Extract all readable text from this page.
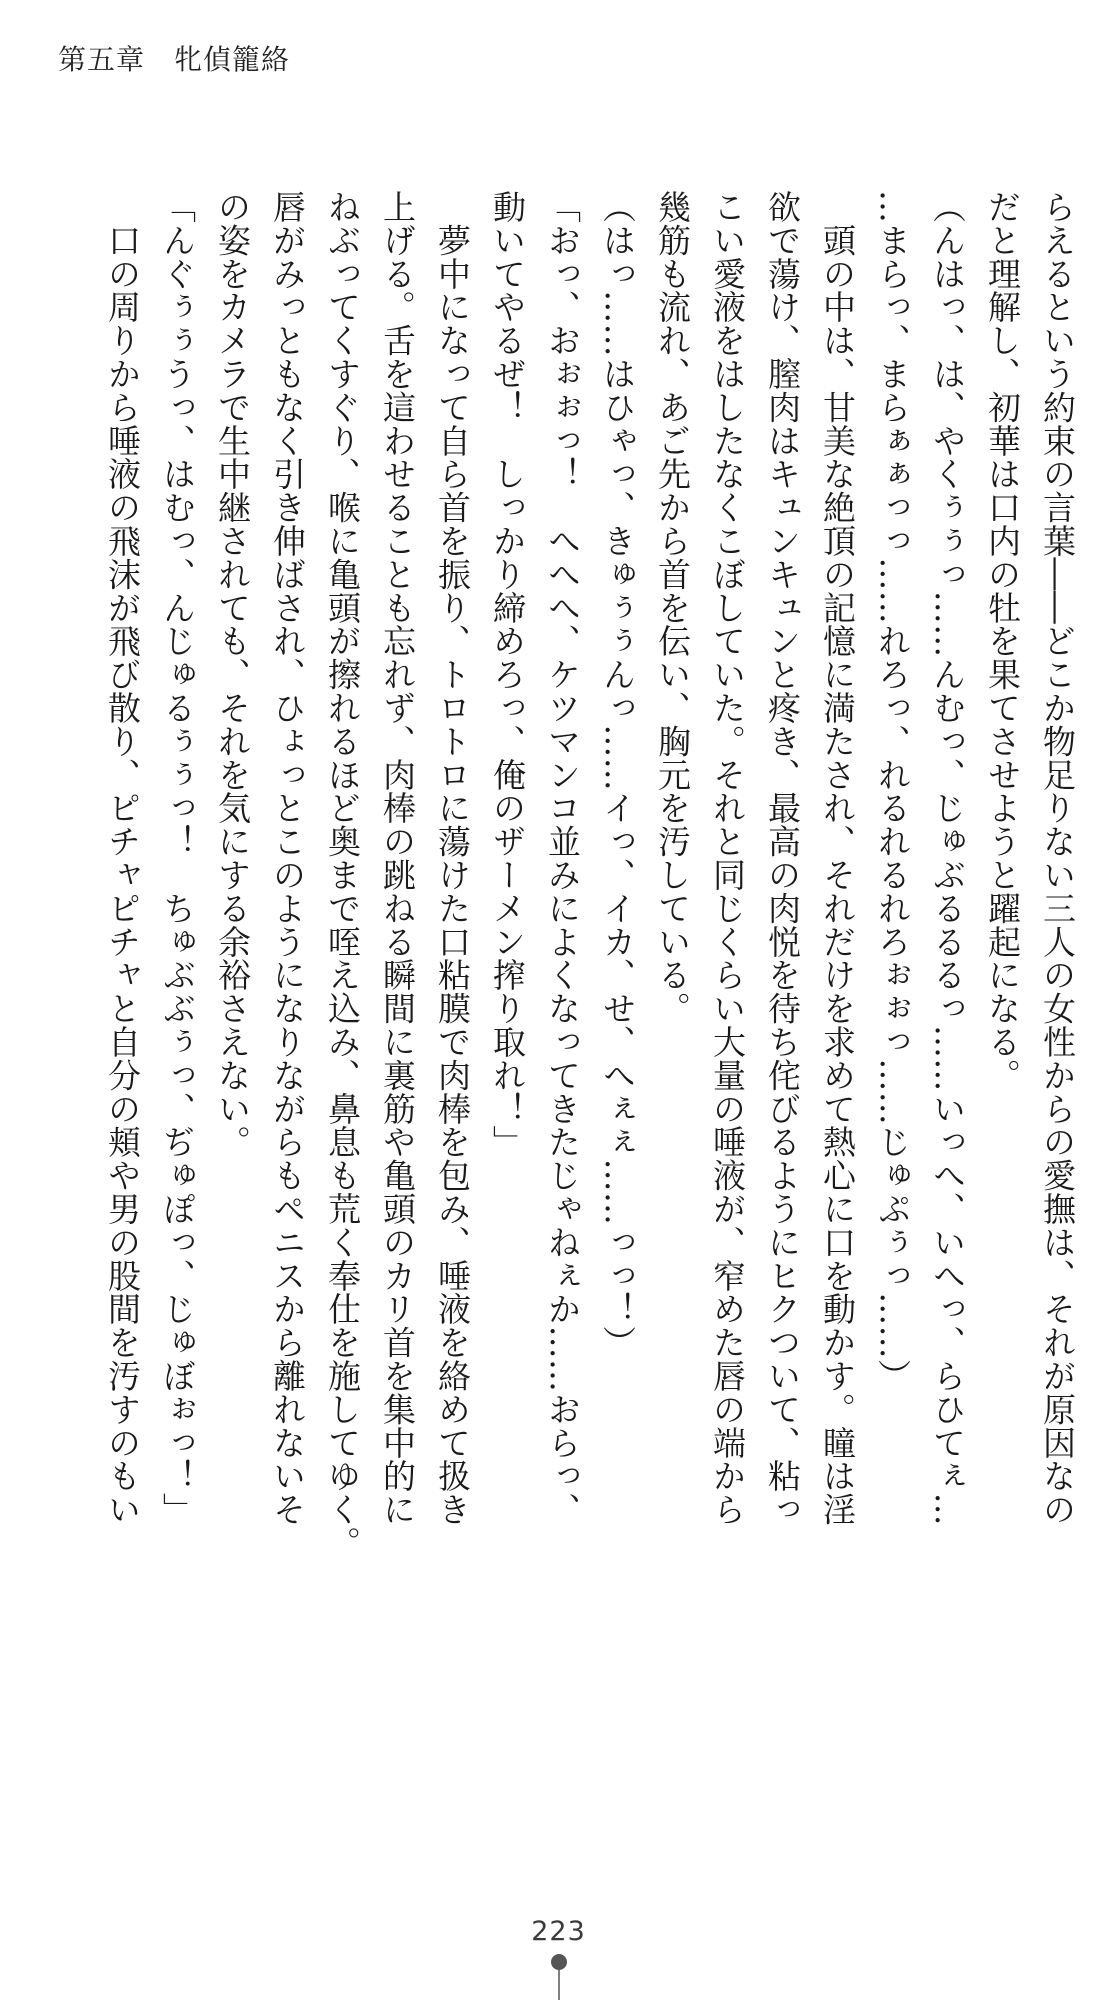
第五章　牝偵籠絡

らえるという約束の言葉――どこか物足りない三人の女性からの愛撫は、それが原因なの

だと理解し、初華は口内の牡を果てさせようと躍起になる。

（んはっ、は、やくぅぅっ……んむっ、じゅぶるるるっ……いっへ、いへっ、らひてぇ…

…まらっ、まらぁぁっっ……れろっ、れるれるれろぉぉっ……じゅぷぅっ……）

　頭の中は、甘美な絶頂の記憶に満たされ、それだけを求めて熱心に口を動かす。瞳は淫

欲で蕩け、膣肉はキュンキュンと疼き、最高の肉悦を待ち侘びるようにヒクついて、粘っ

こい愛液をはしたなくこぼしていた。それと同じくらい大量の唾液が、窄めた唇の端から

幾筋も流れ、あご先から首を伝い、胸元を汚している。

（はっ……はひゃっ、きゅぅぅんっ……イっ、イカ、せ、へぇぇ……っっ！）

「おっ、おぉぉっ！　へへへ、ケツマンコ並みによくなってきたじゃねぇか……おらっ、

動いてやるぜ！　しっかり締めろっ、俺のザーメン搾り取れ！」

　夢中になって自ら首を振り、トロトロに蕩けた口粘膜で肉棒を包み、唾液を絡めて扱き

上げる。舌を這わせることも忘れず、肉棒の跳ねる瞬間に裏筋や亀頭のカリ首を集中的に

ねぶってくすぐり、喉に亀頭が擦れるほど奥まで咥え込み、鼻息も荒く奉仕を施してゆく。

唇がみっともなく引き伸ばされ、ひょっとこのようになりながらもペニスから離れないそ

の姿をカメラで生中継されても、それを気にする余裕さえない。

「んぐぅぅうっ、はむっ、んじゅるぅぅっ！　ちゅぶぶぅっ、ぢゅぽっ、じゅぼぉっ！」

　口の周りから唾液の飛沫が飛び散り、ピチャピチャと自分の頬や男の股間を汚すのもい

223
